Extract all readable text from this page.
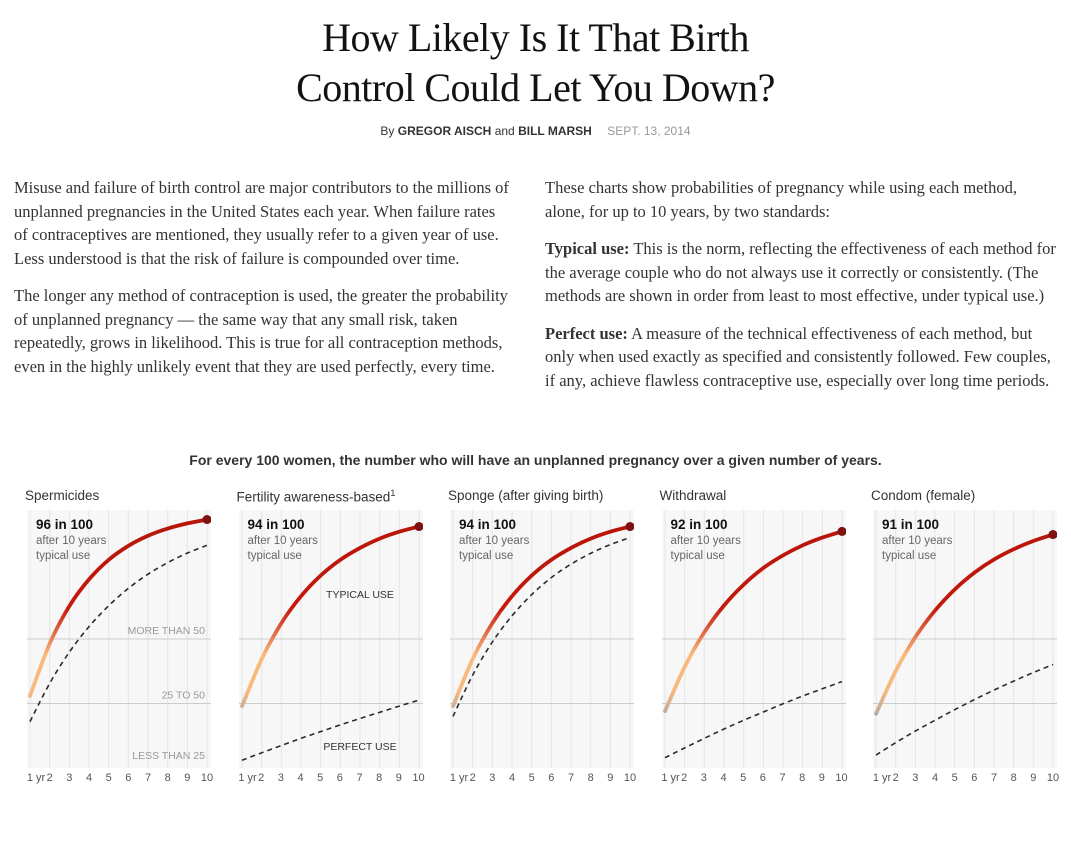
How Likely Is It That Birth
Control Could Let You Down?
By GREGOR AISCH and BILL MARSH SEPT. 13, 2014

Misuse and failure of birth control are major contributors to the millions of unplanned pregnancies in the United States each year. When failure rates of contraceptives are mentioned, they usually refer to a given year of use. Less understood is that the risk of failure is compounded over time.

The longer any method of contraception is used, the greater the probability of unplanned pregnancy — the same way that any small risk, taken repeatedly, grows in likelihood. This is true for all contraception methods, even in the highly unlikely event that they are used perfectly, every time.

These charts show probabilities of pregnancy while using each method, alone, for up to 10 years, by two standards:

Typical use: This is the norm, reflecting the effectiveness of each method for the average couple who do not always use it correctly or consistently. (The methods are shown in order from least to most effective, under typical use.)

Perfect use: A measure of the technical effectiveness of each method, but only when used exactly as specified and consistently followed. Few couples, if any, achieve flawless contraceptive use, especially over long time periods.

For every 100 women, the number who will have an unplanned pregnancy over a given number of years.
Spermicides
MORE THAN 50
25 TO 50
LESS THAN 25
96 in 100
after 10 years
typical use
1 yr 2	3	4	5	6	7	8	9 10
Fertility awareness-based$^1$
TYPICAL USE
PERFECT USE
94 in 100
after 10 years
typical use
1 yr 2	3	4	5	6	7	8	9 10
Sponge (after giving birth)
94 in 100
after 10 years
typical use
1 yr 2	3	4	5	6	7	8	9 10
Withdrawal
92 in 100
after 10 years
typical use
1 yr 2	3	4	5	6	7	8	9 10
Condom (female)
91 in 100
after 10 years
typical use
1 yr 2	3	4	5	6	7	8	9 10
